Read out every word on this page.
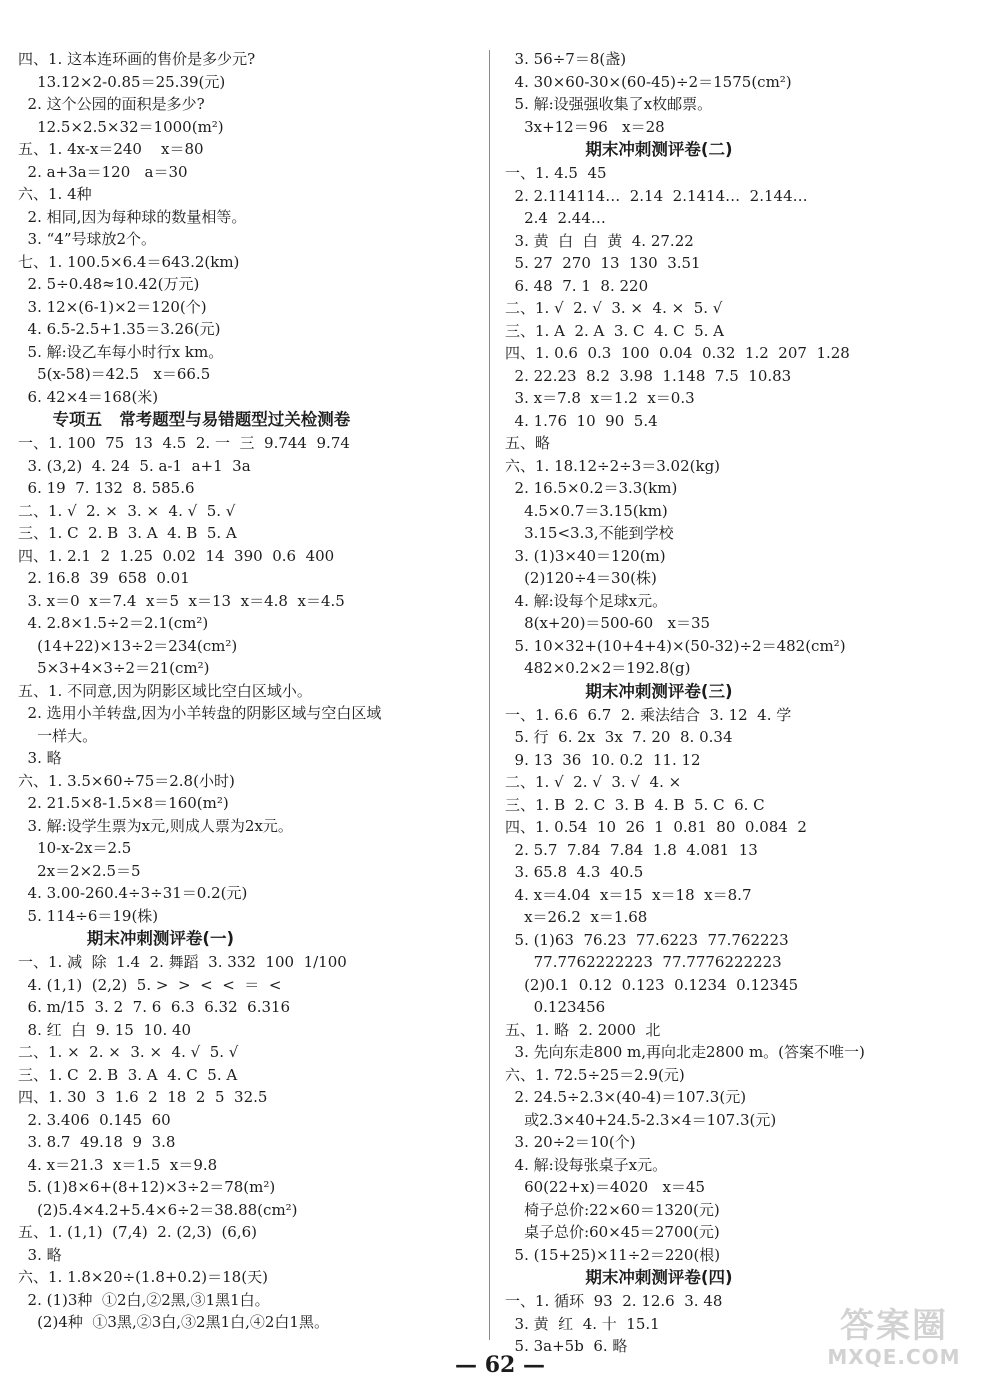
四、1. 这本连环画的售价是多少元?
13.12×2-0.85＝25.39(元)
2. 这个公园的面积是多少?
12.5×2.5×32＝1000(m²)
五、1. 4x-x＝240    x＝80
2. a+3a＝120   a＝30
六、1. 4种
2. 相同,因为每种球的数量相等。
3. “4”号球放2个。
七、1. 100.5×6.4＝643.2(km)
2. 5÷0.48≈10.42(万元)
3. 12×(6-1)×2＝120(个)
4. 6.5-2.5+1.35＝3.26(元)
5. 解:设乙车每小时行x km。
5(x-58)＝42.5   x＝66.5
6. 42×4＝168(米)
专项五   常考题型与易错题型过关检测卷
一、1. 100  75  13  4.5  2. 一  三  9.744  9.74
3. (3,2)  4. 24  5. a-1  a+1  3a
6. 19  7. 132  8. 585.6
二、1. √  2. ×  3. ×  4. √  5. √
三、1. C  2. B  3. A  4. B  5. A
四、1. 2.1  2  1.25  0.02  14  390  0.6  400
2. 16.8  39  658  0.01
3. x＝0  x＝7.4  x＝5  x＝13  x＝4.8  x＝4.5
4. 2.8×1.5÷2＝2.1(cm²)
(14+22)×13÷2＝234(cm²)
5×3+4×3÷2＝21(cm²)
五、1. 不同意,因为阴影区域比空白区域小。
2. 选用小羊转盘,因为小羊转盘的阴影区域与空白区域
一样大。
3. 略
六、1. 3.5×60÷75＝2.8(小时)
2. 21.5×8-1.5×8＝160(m²)
3. 解:设学生票为x元,则成人票为2x元。
10-x-2x＝2.5
2x＝2×2.5＝5
4. 3.00-260.4÷3÷31＝0.2(元)
5. 114÷6＝19(株)
期末冲刺测评卷(一)
一、1. 减  除  1.4  2. 舞蹈  3. 332  100  1/100
4. (1,1)  (2,2)  5. >  >  <  <  ＝  <
6. m/15  3. 2  7. 6  6.3  6.32  6.316
8. 红  白  9. 15  10. 40
二、1. ×  2. ×  3. ×  4. √  5. √
三、1. C  2. B  3. A  4. C  5. A
四、1. 30  3  1.6  2  18  2  5  32.5
2. 3.406  0.145  60
3. 8.7  49.18  9  3.8
4. x＝21.3  x＝1.5  x＝9.8
5. (1)8×6+(8+12)×3÷2＝78(m²)
(2)5.4×4.2+5.4×6÷2＝38.88(cm²)
五、1. (1,1)  (7,4)  2. (2,3)  (6,6)
3. 略
六、1. 1.8×20÷(1.8+0.2)＝18(天)
2. (1)3种  ①2白,②2黑,③1黑1白。
(2)4种  ①3黑,②3白,③2黑1白,④2白1黑。
3. 56÷7＝8(盏)
4. 30×60-30×(60-45)÷2＝1575(cm²)
5. 解:设强强收集了x枚邮票。
3x+12＝96   x＝28
期末冲刺测评卷(二)
一、1. 4.5  45
2. 2.114114…  2.14  2.1414…  2.144…
2.4  2.44…
3. 黄  白  白  黄  4. 27.22
5. 27  270  13  130  3.51
6. 48  7. 1  8. 220
二、1. √  2. √  3. ×  4. ×  5. √
三、1. A  2. A  3. C  4. C  5. A
四、1. 0.6  0.3  100  0.04  0.32  1.2  207  1.28
2. 22.23  8.2  3.98  1.148  7.5  10.83
3. x＝7.8  x＝1.2  x＝0.3
4. 1.76  10  90  5.4
五、略
六、1. 18.12÷2÷3＝3.02(kg)
2. 16.5×0.2＝3.3(km)
4.5×0.7＝3.15(km)
3.15<3.3,不能到学校
3. (1)3×40＝120(m)
(2)120÷4＝30(株)
4. 解:设每个足球x元。
8(x+20)＝500-60   x＝35
5. 10×32+(10+4+4)×(50-32)÷2＝482(cm²)
482×0.2×2＝192.8(g)
期末冲刺测评卷(三)
一、1. 6.6  6.7  2. 乘法结合  3. 12  4. 学
5. 行  6. 2x  3x  7. 20  8. 0.34
9. 13  36  10. 0.2  11. 12
二、1. √  2. √  3. √  4. ×
三、1. B  2. C  3. B  4. B  5. C  6. C
四、1. 0.54  10  26  1  0.81  80  0.084  2
2. 5.7  7.84  7.84  1.8  4.081  13
3. 65.8  4.3  40.5
4. x＝4.04  x＝15  x＝18  x＝8.7
x＝26.2  x＝1.68
5. (1)63  76.23  77.6223  77.762223
77.7762222223  77.7776222223
(2)0.1  0.12  0.123  0.1234  0.12345
0.123456
五、1. 略  2. 2000  北
3. 先向东走800 m,再向北走2800 m。(答案不唯一)
六、1. 72.5÷25＝2.9(元)
2. 24.5÷2.3×(40-4)＝107.3(元)
或2.3×40+24.5-2.3×4＝107.3(元)
3. 20÷2＝10(个)
4. 解:设每张桌子x元。
60(22+x)＝4020   x＝45
椅子总价:22×60＝1320(元)
桌子总价:60×45＝2700(元)
5. (15+25)×11÷2＝220(根)
期末冲刺测评卷(四)
一、1. 循环  93  2. 12.6  3. 48
3. 黄  红  4. 十  15.1
5. 3a+5b  6. 略
— 62 —
答案圈
MXQE.COM
